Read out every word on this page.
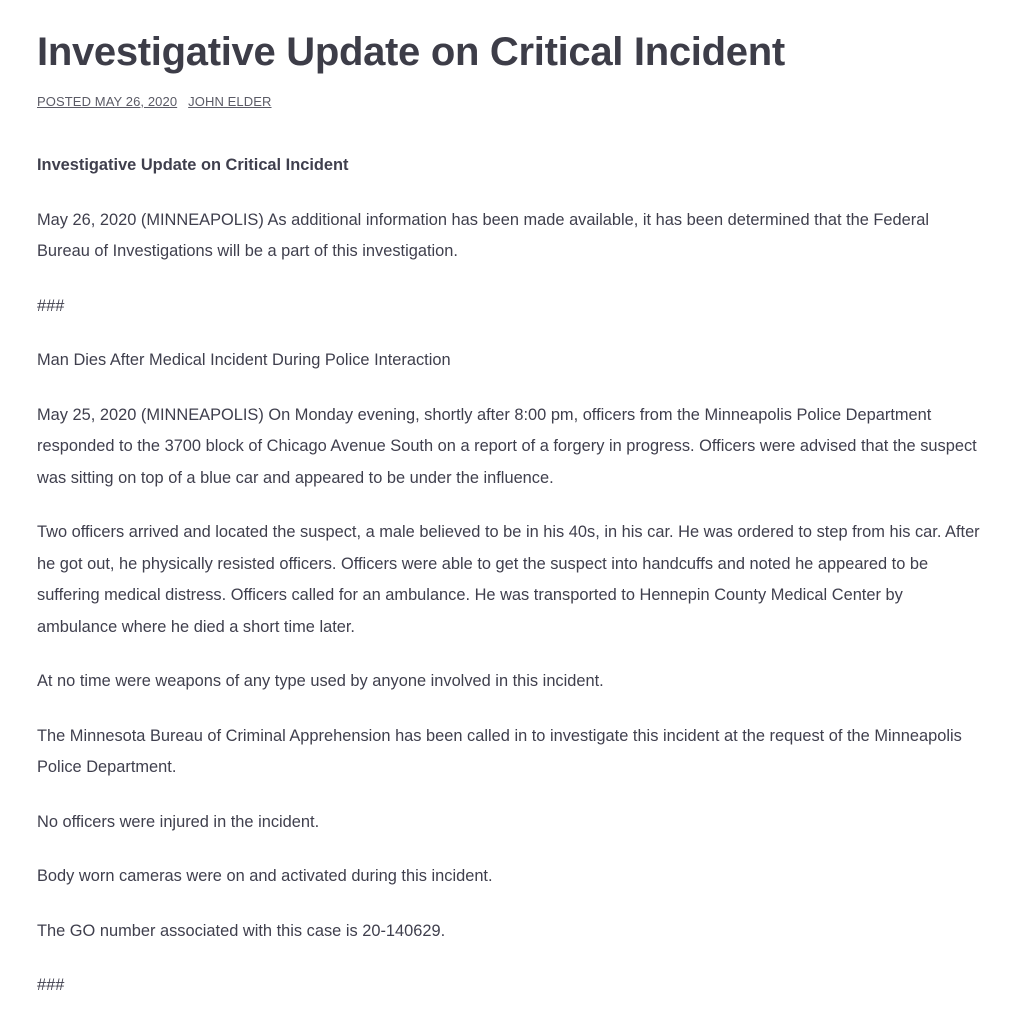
Investigative Update on Critical Incident
POSTED MAY 26, 2020 JOHN ELDER

Investigative Update on Critical Incident

May 26, 2020 (MINNEAPOLIS) As additional information has been made available, it has been determined that the Federal Bureau of Investigations will be a part of this investigation.

###

Man Dies After Medical Incident During Police Interaction

May 25, 2020 (MINNEAPOLIS) On Monday evening, shortly after 8:00 pm, officers from the Minneapolis Police Department responded to the 3700 block of Chicago Avenue South on a report of a forgery in progress. Officers were advised that the suspect was sitting on top of a blue car and appeared to be under the influence.

Two officers arrived and located the suspect, a male believed to be in his 40s, in his car. He was ordered to step from his car. After he got out, he physically resisted officers. Officers were able to get the suspect into handcuffs and noted he appeared to be suffering medical distress. Officers called for an ambulance. He was transported to Hennepin County Medical Center by ambulance where he died a short time later.

At no time were weapons of any type used by anyone involved in this incident.

The Minnesota Bureau of Criminal Apprehension has been called in to investigate this incident at the request of the Minneapolis Police Department.

No officers were injured in the incident.

Body worn cameras were on and activated during this incident.

The GO number associated with this case is 20-140629.

###
